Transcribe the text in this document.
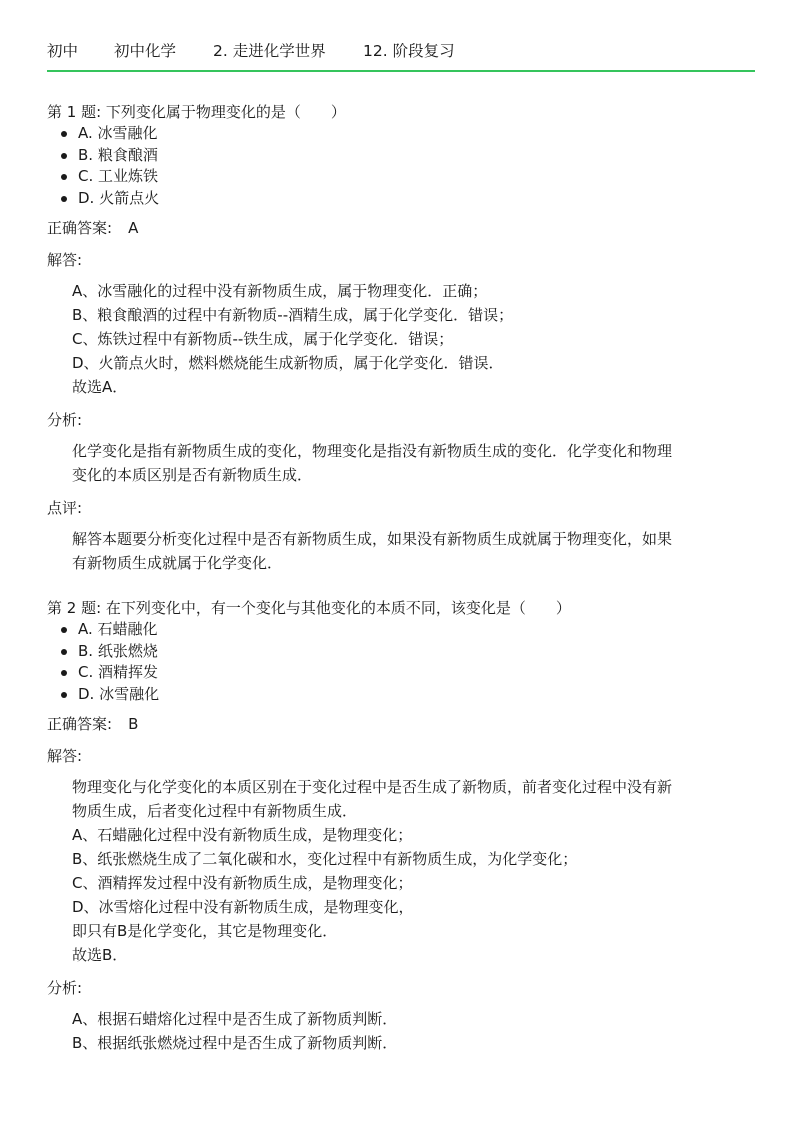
初中	初中化学	2. 走进化学世界	12. 阶段复习
第 1 题: 下列变化属于物理变化的是（　　）
A. 冰雪融化
B. 粮食酿酒
C. 工业炼铁
D. 火箭点火
正确答案: A
解答:

A、冰雪融化的过程中没有新物质生成，属于物理变化．正确；

B、粮食酿酒的过程中有新物质--酒精生成，属于化学变化．错误；

C、炼铁过程中有新物质--铁生成，属于化学变化．错误；

D、火箭点火时，燃料燃烧能生成新物质，属于化学变化．错误．

故选A．

分析:

化学变化是指有新物质生成的变化，物理变化是指没有新物质生成的变化．化学变化和物理

变化的本质区别是否有新物质生成．

点评:

解答本题要分析变化过程中是否有新物质生成，如果没有新物质生成就属于物理变化，如果

有新物质生成就属于化学变化．

第 2 题: 在下列变化中，有一个变化与其他变化的本质不同，该变化是（　　）
A. 石蜡融化
B. 纸张燃烧
C. 酒精挥发
D. 冰雪融化
正确答案: B
解答:

物理变化与化学变化的本质区别在于变化过程中是否生成了新物质，前者变化过程中没有新

物质生成，后者变化过程中有新物质生成．

A、石蜡融化过程中没有新物质生成，是物理变化；

B、纸张燃烧生成了二氧化碳和水，变化过程中有新物质生成，为化学变化；

C、酒精挥发过程中没有新物质生成，是物理变化；

D、冰雪熔化过程中没有新物质生成，是物理变化，

即只有B是化学变化，其它是物理变化．

故选B．

分析:

A、根据石蜡熔化过程中是否生成了新物质判断．

B、根据纸张燃烧过程中是否生成了新物质判断．
